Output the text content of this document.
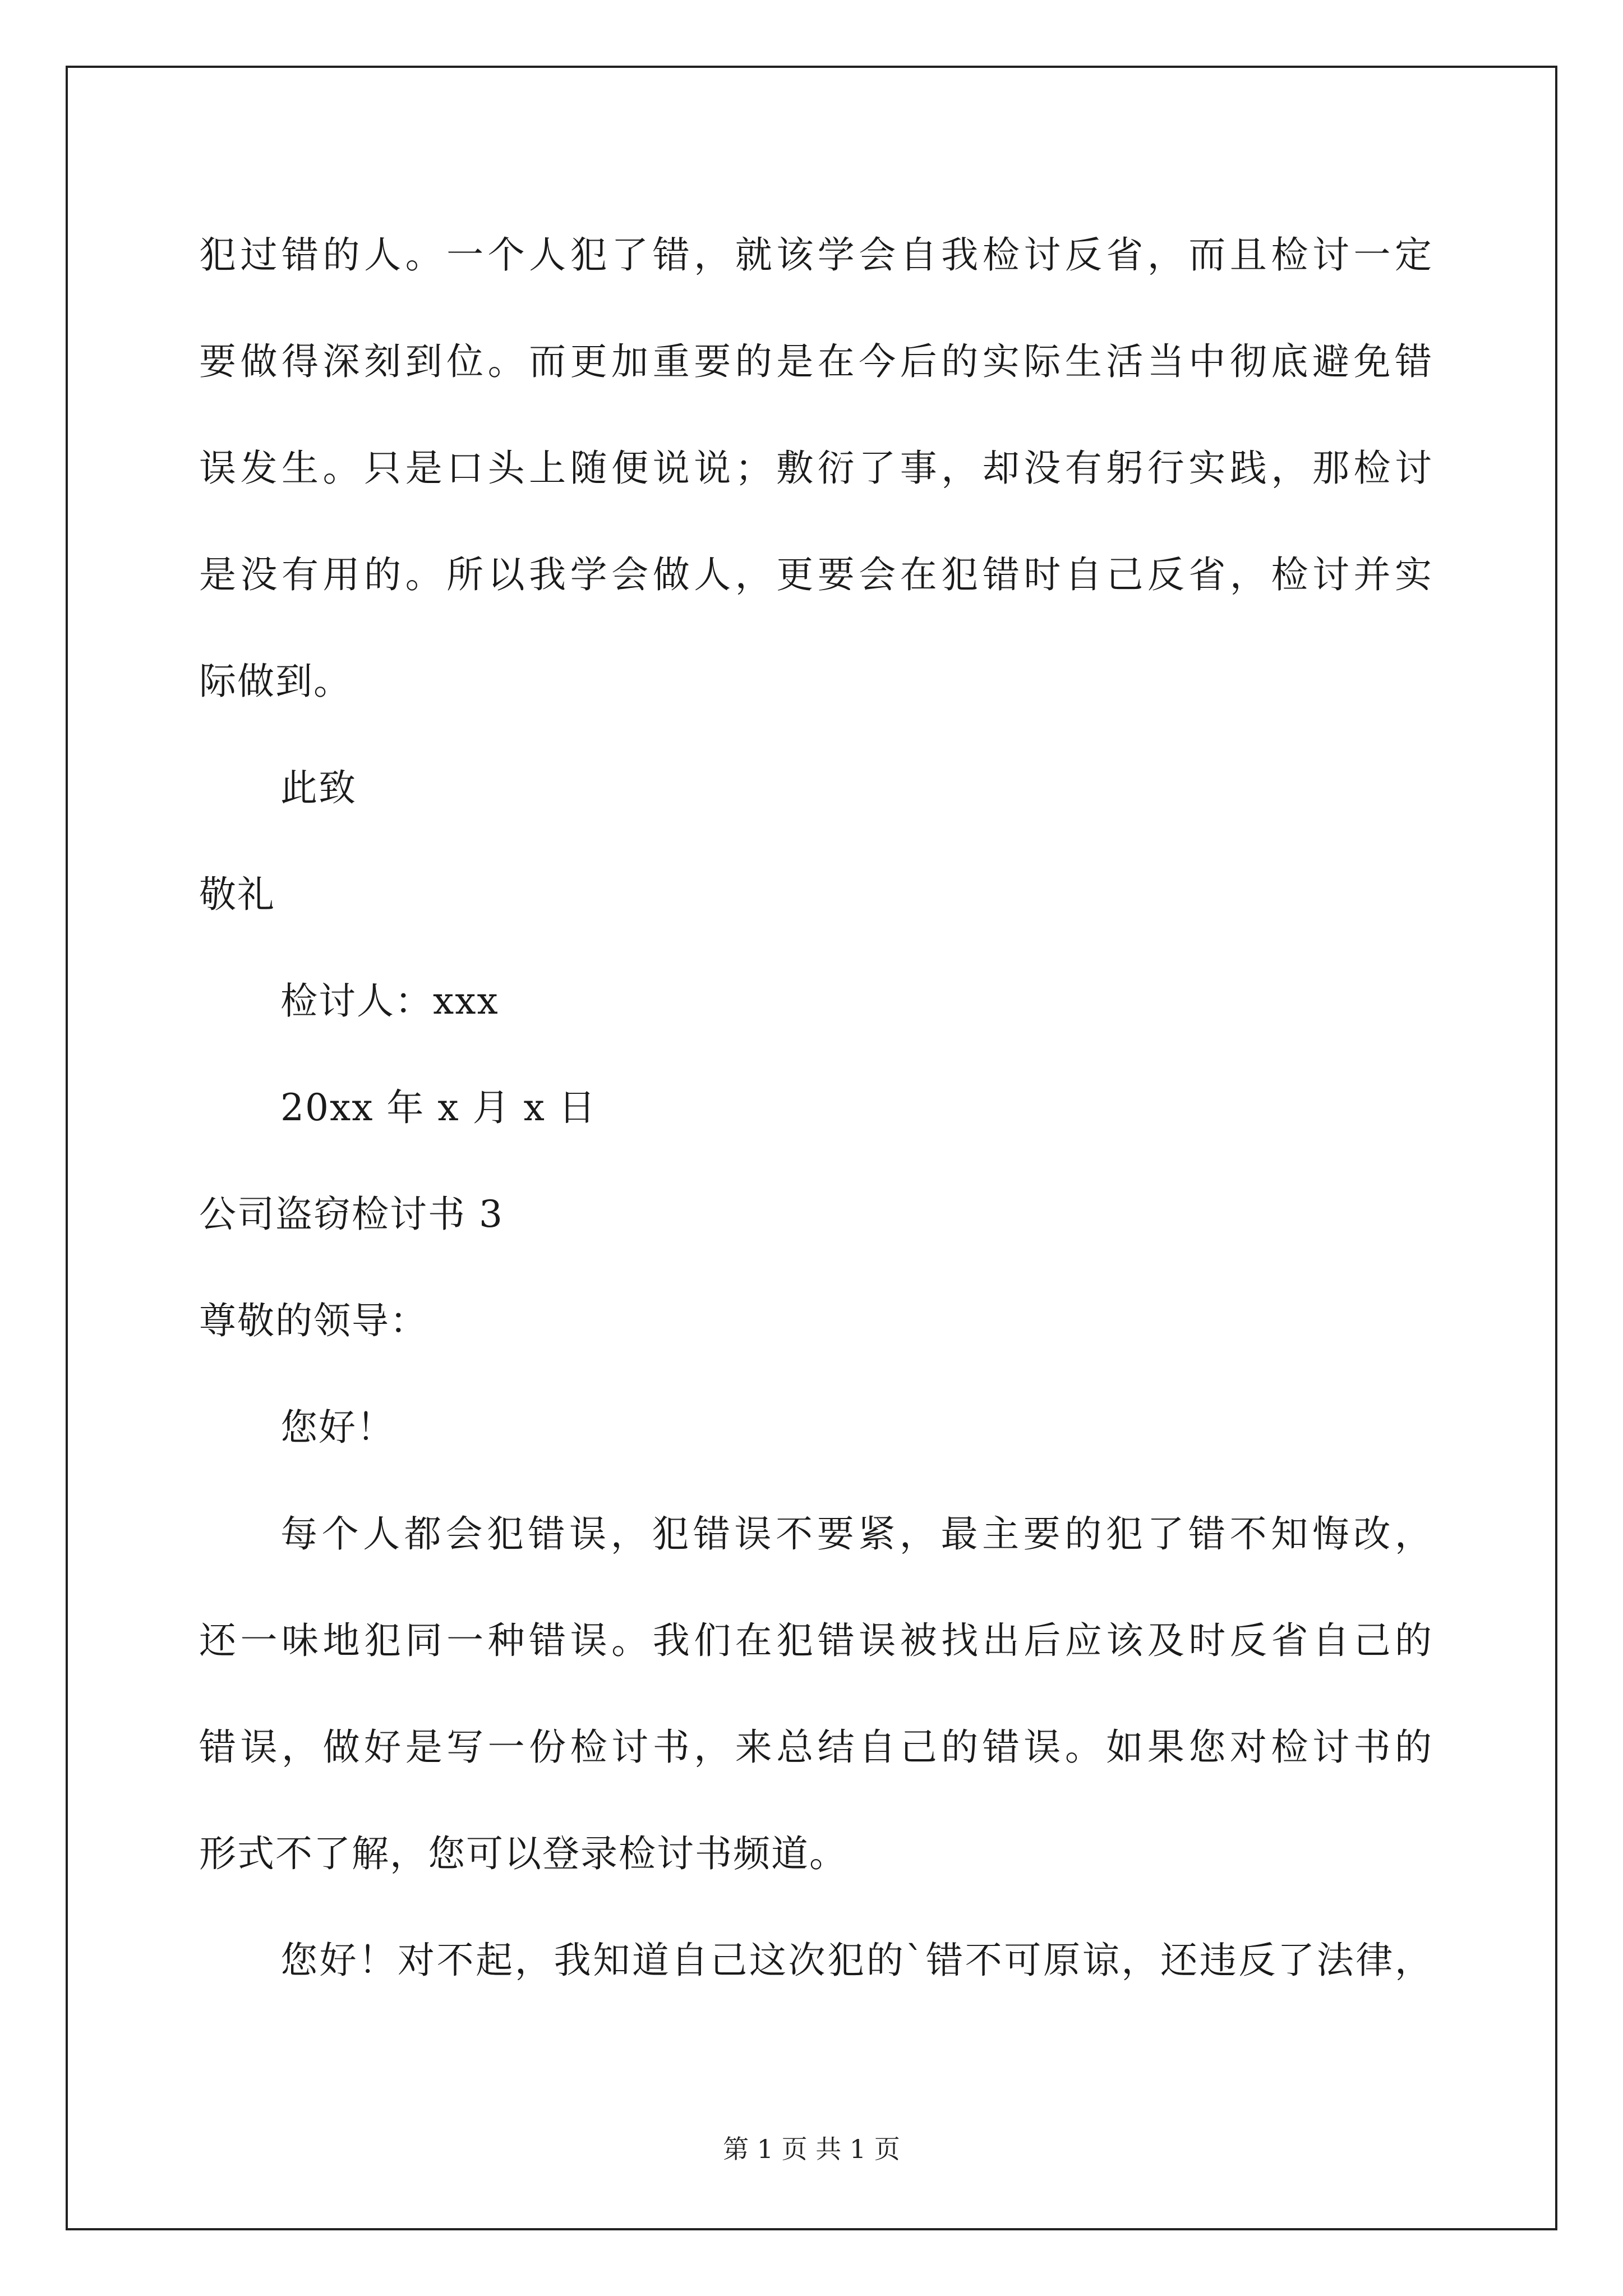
犯过错的人。一个人犯了错，就该学会自我检讨反省，而且检讨一定
要做得深刻到位。而更加重要的是在今后的实际生活当中彻底避免错
误发生。只是口头上随便说说；敷衍了事，却没有躬行实践，那检讨
是没有用的。所以我学会做人，更要会在犯错时自己反省，检讨并实
际做到。
此致
敬礼
检讨人：xxx
20xx 年 x 月 x 日
公司盗窃检讨书 3
尊敬的领导：
您好！
每个人都会犯错误，犯错误不要紧，最主要的犯了错不知悔改，
还一味地犯同一种错误。我们在犯错误被找出后应该及时反省自己的
错误，做好是写一份检讨书，来总结自己的错误。如果您对检讨书的
形式不了解，您可以登录检讨书频道。
您好！对不起，我知道自己这次犯的`错不可原谅，还违反了法律，
第 1 页 共 1 页
